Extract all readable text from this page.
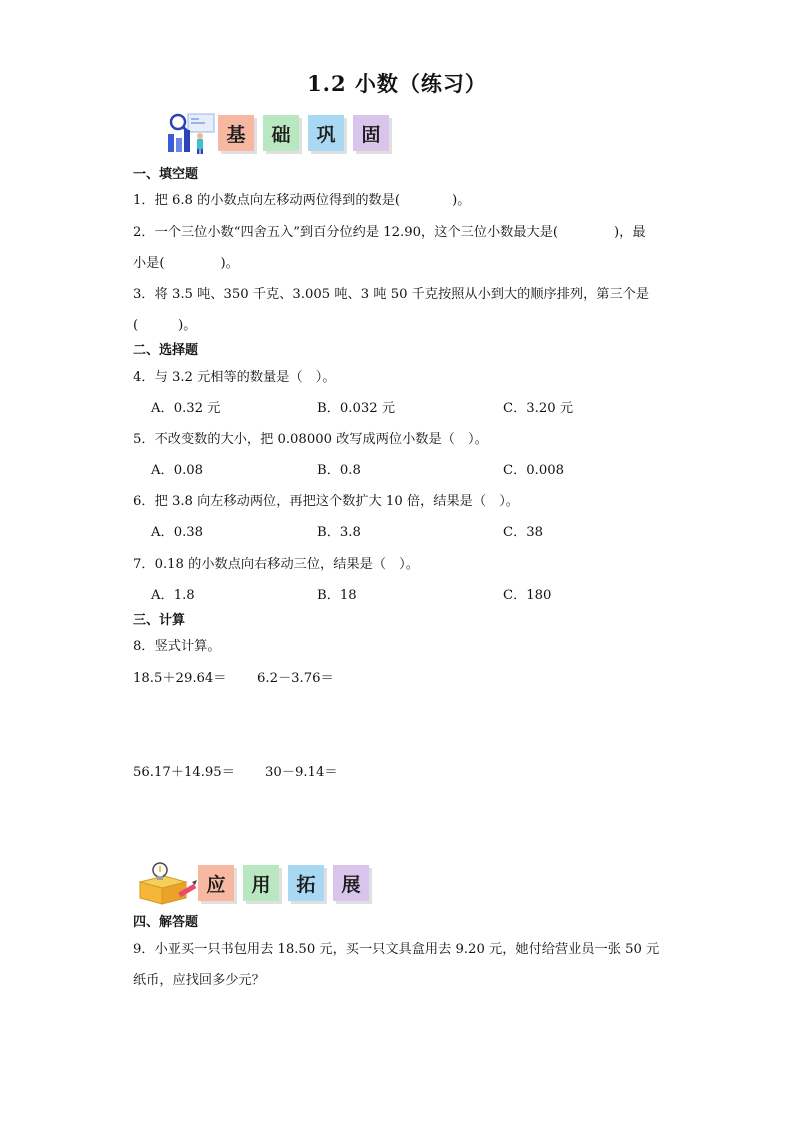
1.2 小数（练习）
基	础	巩	固
一、填空题
1．把 6.8 的小数点向左移动两位得到的数是(	)。
2．一个三位小数“四舍五入”到百分位约是 12.90，这个三位小数最大是(	)，最
小是(	)。
3．将 3.5 吨、350 千克、3.005 吨、3 吨 50 千克按照从小到大的顺序排列，第三个是
(	)。
二、选择题
4．与 3.2 元相等的数量是（　）。
A．0.32 元	B．0.032 元	C．3.20 元
5．不改变数的大小，把 0.08000 改写成两位小数是（　）。
A．0.08	B．0.8	C．0.008
6．把 3.8 向左移动两位，再把这个数扩大 10 倍，结果是（　）。
A．0.38	B．3.8	C．38
7．0.18 的小数点向右移动三位，结果是（　）。
A．1.8	B．18	C．180
三、计算
8．竖式计算。
18.5＋29.64＝ 6.2－3.76＝
56.17＋14.95＝ 30－9.14＝
应	用	拓	展
四、解答题
9．小亚买一只书包用去 18.50 元，买一只文具盒用去 9.20 元，她付给营业员一张 50 元
纸币，应找回多少元？
